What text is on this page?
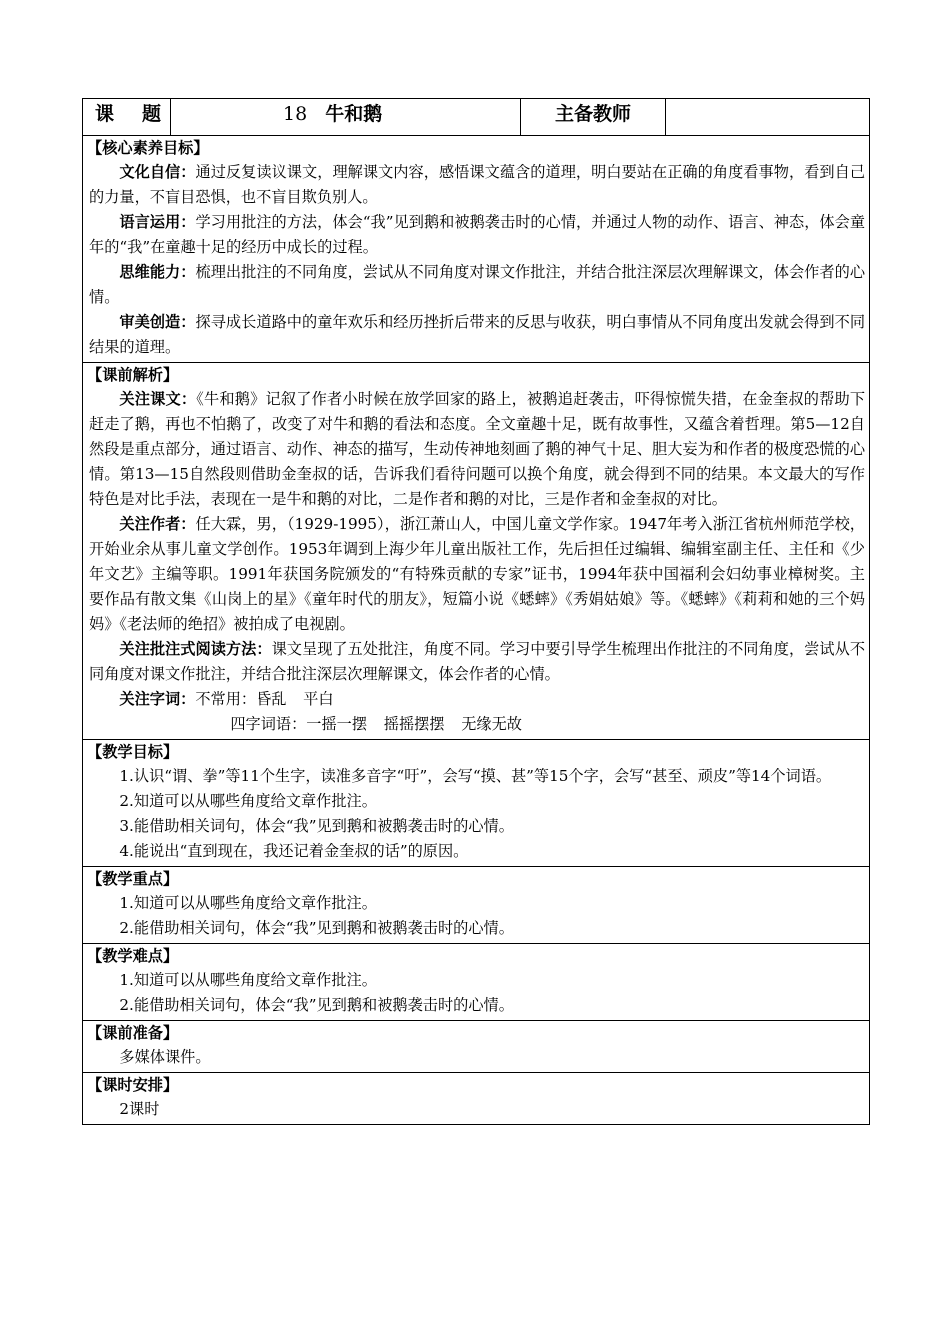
课 题	18 牛和鹅	主备教师	

【核心素养目标】

文化自信：通过反复读议课文，理解课文内容，感悟课文蕴含的道理，明白要站在正确的角度看事物，看到自己的力量，不盲目恐惧，也不盲目欺负别人。

语言运用：学习用批注的方法，体会“我”见到鹅和被鹅袭击时的心情，并通过人物的动作、语言、神态，体会童年的“我”在童趣十足的经历中成长的过程。

思维能力：梳理出批注的不同角度，尝试从不同角度对课文作批注，并结合批注深层次理解课文，体会作者的心情。

审美创造：探寻成长道路中的童年欢乐和经历挫折后带来的反思与收获，明白事情从不同角度出发就会得到不同结果的道理。

【课前解析】

关注课文：《牛和鹅》记叙了作者小时候在放学回家的路上，被鹅追赶袭击，吓得惊慌失措，在金奎叔的帮助下赶走了鹅，再也不怕鹅了，改变了对牛和鹅的看法和态度。全文童趣十足，既有故事性，又蕴含着哲理。第5—12自然段是重点部分，通过语言、动作、神态的描写，生动传神地刻画了鹅的神气十足、胆大妄为和作者的极度恐慌的心情。第13—15自然段则借助金奎叔的话，告诉我们看待问题可以换个角度，就会得到不同的结果。本文最大的写作特色是对比手法，表现在一是牛和鹅的对比，二是作者和鹅的对比，三是作者和金奎叔的对比。

关注作者：任大霖，男，（1929-1995），浙江萧山人，中国儿童文学作家。1947年考入浙江省杭州师范学校，开始业余从事儿童文学创作。1953年调到上海少年儿童出版社工作，先后担任过编辑、编辑室副主任、主任和《少年文艺》主编等职。1991年获国务院颁发的“有特殊贡献的专家”证书，1994年获中国福利会妇幼事业樟树奖。主要作品有散文集《山岗上的星》《童年时代的朋友》，短篇小说《蟋蟀》《秀娟姑娘》等。《蟋蟀》《莉莉和她的三个妈妈》《老法师的绝招》被拍成了电视剧。

关注批注式阅读方法：课文呈现了五处批注，角度不同。学习中要引导学生梳理出作批注的不同角度，尝试从不同角度对课文作批注，并结合批注深层次理解课文，体会作者的心情。

关注字词：不常用：昏乱 平白

四字词语：一摇一摆 摇摇摆摆 无缘无故

【教学目标】

1.认识“谓、拳”等11个生字，读准多音字“吁”，会写“摸、甚”等15个字，会写“甚至、顽皮”等14个词语。

2.知道可以从哪些角度给文章作批注。

3.能借助相关词句，体会“我”见到鹅和被鹅袭击时的心情。

4.能说出“直到现在，我还记着金奎叔的话”的原因。

【教学重点】

1.知道可以从哪些角度给文章作批注。

2.能借助相关词句，体会“我”见到鹅和被鹅袭击时的心情。

【教学难点】

1.知道可以从哪些角度给文章作批注。

2.能借助相关词句，体会“我”见到鹅和被鹅袭击时的心情。

【课前准备】

多媒体课件。

【课时安排】

2课时
